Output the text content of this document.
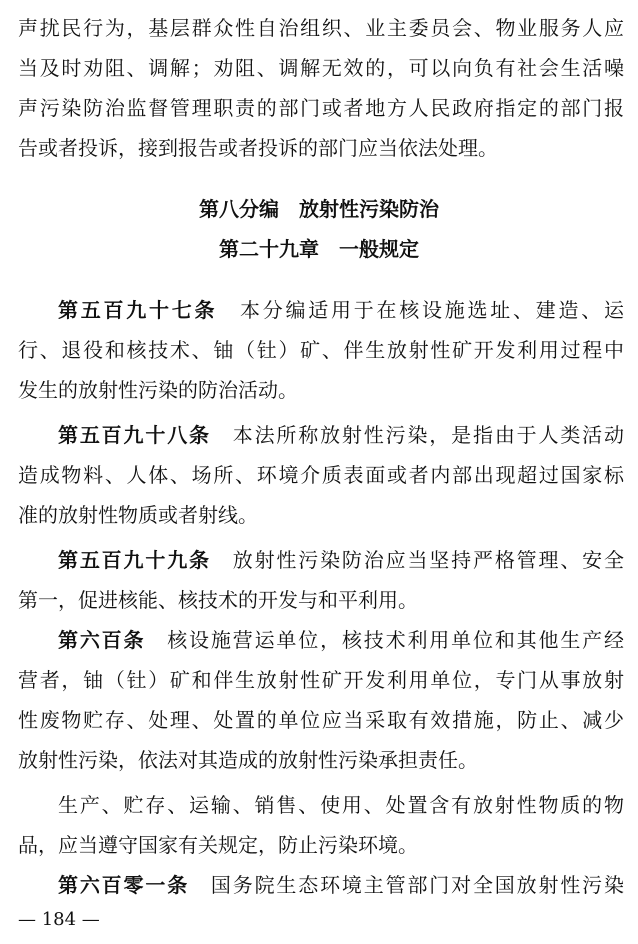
声扰民行为，基层群众性自治组织、业主委员会、物业服务人应
当及时劝阻、调解；劝阻、调解无效的，可以向负有社会生活噪
声污染防治监督管理职责的部门或者地方人民政府指定的部门报
告或者投诉，接到报告或者投诉的部门应当依法处理。
第八分编　放射性污染防治
第二十九章　一般规定
第五百九十七条　 本分编适用于在核设施选址、建造、运
行、退役和核技术、铀（钍）矿、伴生放射性矿开发利用过程中
发生的放射性污染的防治活动。
第五百九十八条　 本法所称放射性污染，是指由于人类活动
造成物料、人体、场所、环境介质表面或者内部出现超过国家标
准的放射性物质或者射线。
第五百九十九条　 放射性污染防治应当坚持严格管理、安全
第一，促进核能、核技术的开发与和平利用。
第六百条　 核设施营运单位，核技术利用单位和其他生产经
营者，铀（钍）矿和伴生放射性矿开发利用单位，专门从事放射
性废物贮存、处理、处置的单位应当采取有效措施，防止、减少
放射性污染，依法对其造成的放射性污染承担责任。
生产、贮存、运输、销售、使用、处置含有放射性物质的物
品，应当遵守国家有关规定，防止污染环境。
第六百零一条　 国务院生态环境主管部门对全国放射性污染
— 184 —
